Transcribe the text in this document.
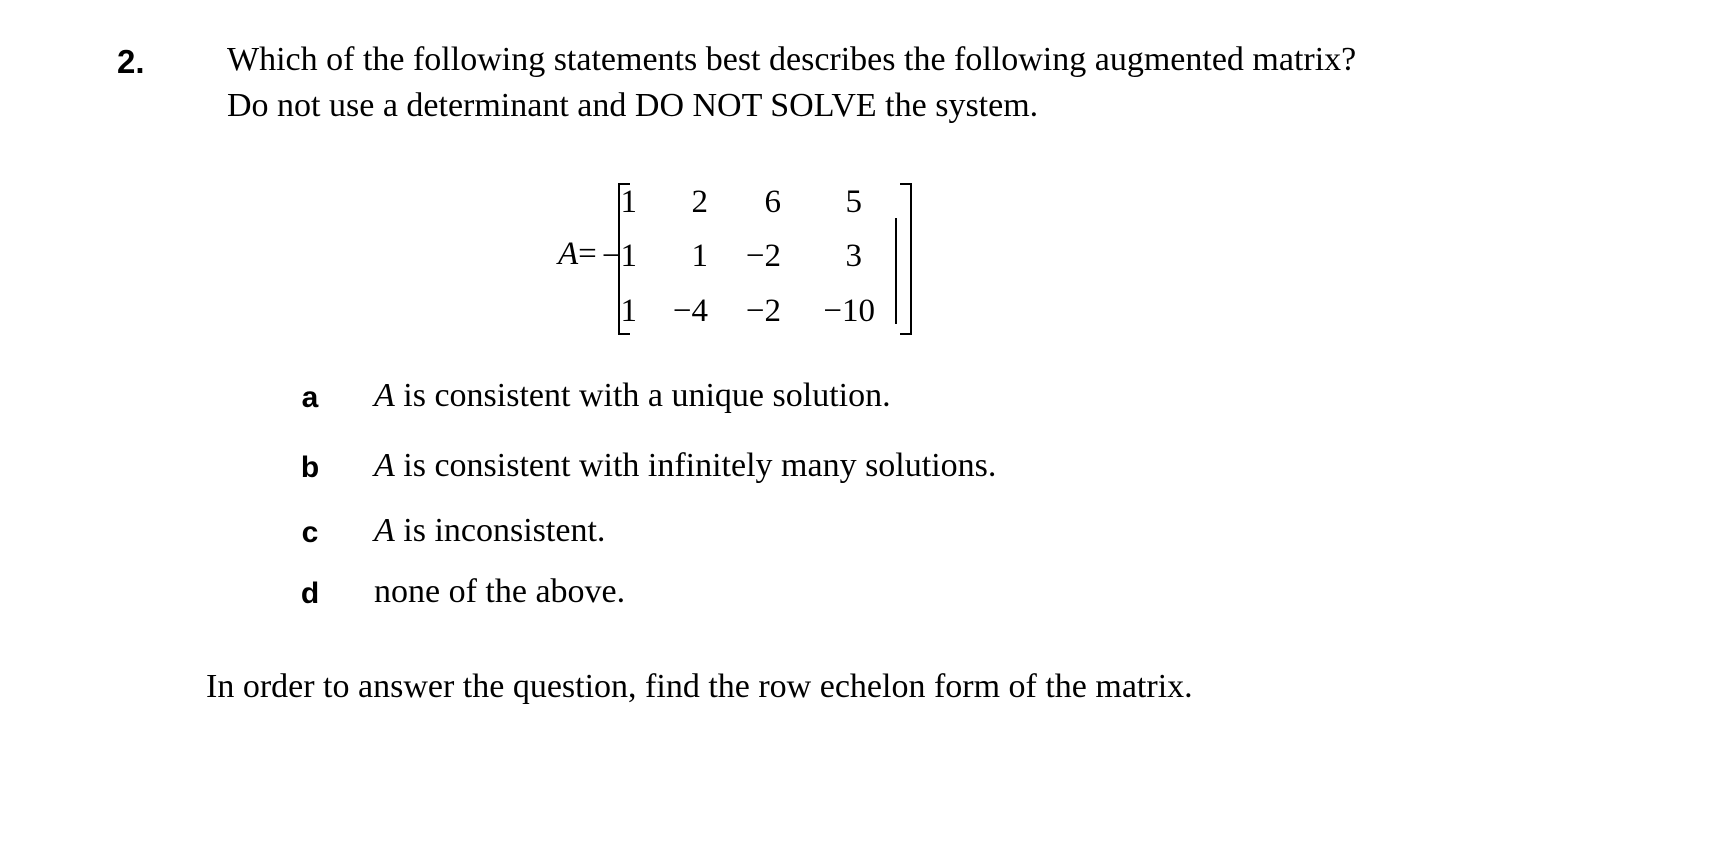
2. Which of the following statements best describes the following augmented matrix?
Do not use a determinant and DO NOT SOLVE the system.
A=
1	2	6	5
−1	1	−2	3
1	−4	−2	−10
a	A is consistent with a unique solution.
b	A is consistent with infinitely many solutions.
c	A is inconsistent.
d	none of the above.
In order to answer the question, find the row echelon form of the matrix.
